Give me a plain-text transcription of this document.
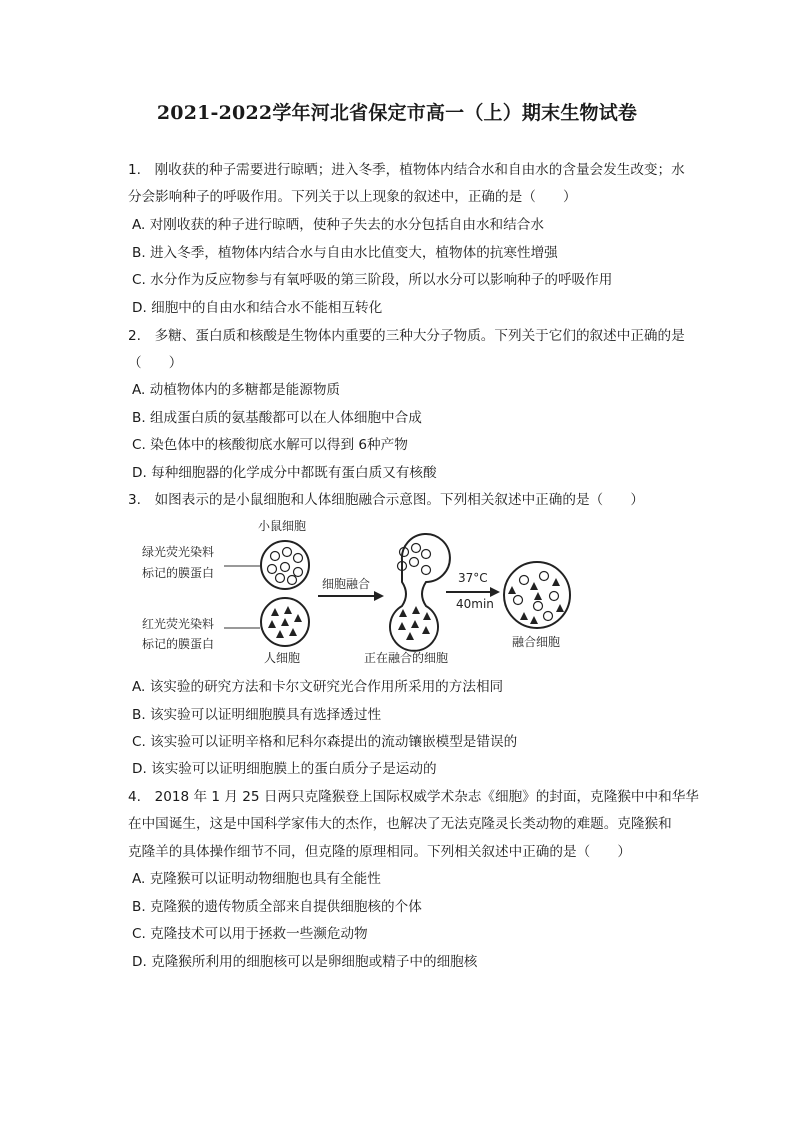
2021-2022学年河北省保定市高一（上）期末生物试卷
1.　刚收获的种子需要进行晾晒；进入冬季，植物体内结合水和自由水的含量会发生改变；水
分会影响种子的呼吸作用。下列关于以上现象的叙述中，正确的是（　　）
A. 对刚收获的种子进行晾晒，使种子失去的水分包括自由水和结合水
B. 进入冬季，植物体内结合水与自由水比值变大，植物体的抗寒性增强
C. 水分作为反应物参与有氧呼吸的第三阶段，所以水分可以影响种子的呼吸作用
D. 细胞中的自由水和结合水不能相互转化
2.　多糖、蛋白质和核酸是生物体内重要的三种大分子物质。下列关于它们的叙述中正确的是
（　　）
A. 动植物体内的多糖都是能源物质
B. 组成蛋白质的氨基酸都可以在人体细胞中合成
C. 染色体中的核酸彻底水解可以得到 6种产物
D. 每种细胞器的化学成分中都既有蛋白质又有核酸
3.　如图表示的是小鼠细胞和人体细胞融合示意图。下列相关叙述中正确的是（　　）
绿光荧光染料
标记的膜蛋白
红光荧光染料
标记的膜蛋白
小鼠细胞
人细胞
细胞融合
正在融合的细胞
37°C
40min
融合细胞
A. 该实验的研究方法和卡尔文研究光合作用所采用的方法相同
B. 该实验可以证明细胞膜具有选择透过性
C. 该实验可以证明辛格和尼科尔森提出的流动镶嵌模型是错误的
D. 该实验可以证明细胞膜上的蛋白质分子是运动的
4.　2018 年 1 月 25 日两只克隆猴登上国际权威学术杂志《细胞》的封面，克隆猴中中和华华
在中国诞生，这是中国科学家伟大的杰作，也解决了无法克隆灵长类动物的难题。克隆猴和
克隆羊的具体操作细节不同，但克隆的原理相同。下列相关叙述中正确的是（　　）
A. 克隆猴可以证明动物细胞也具有全能性
B. 克隆猴的遗传物质全部来自提供细胞核的个体
C. 克隆技术可以用于拯救一些濒危动物
D. 克隆猴所利用的细胞核可以是卵细胞或精子中的细胞核
